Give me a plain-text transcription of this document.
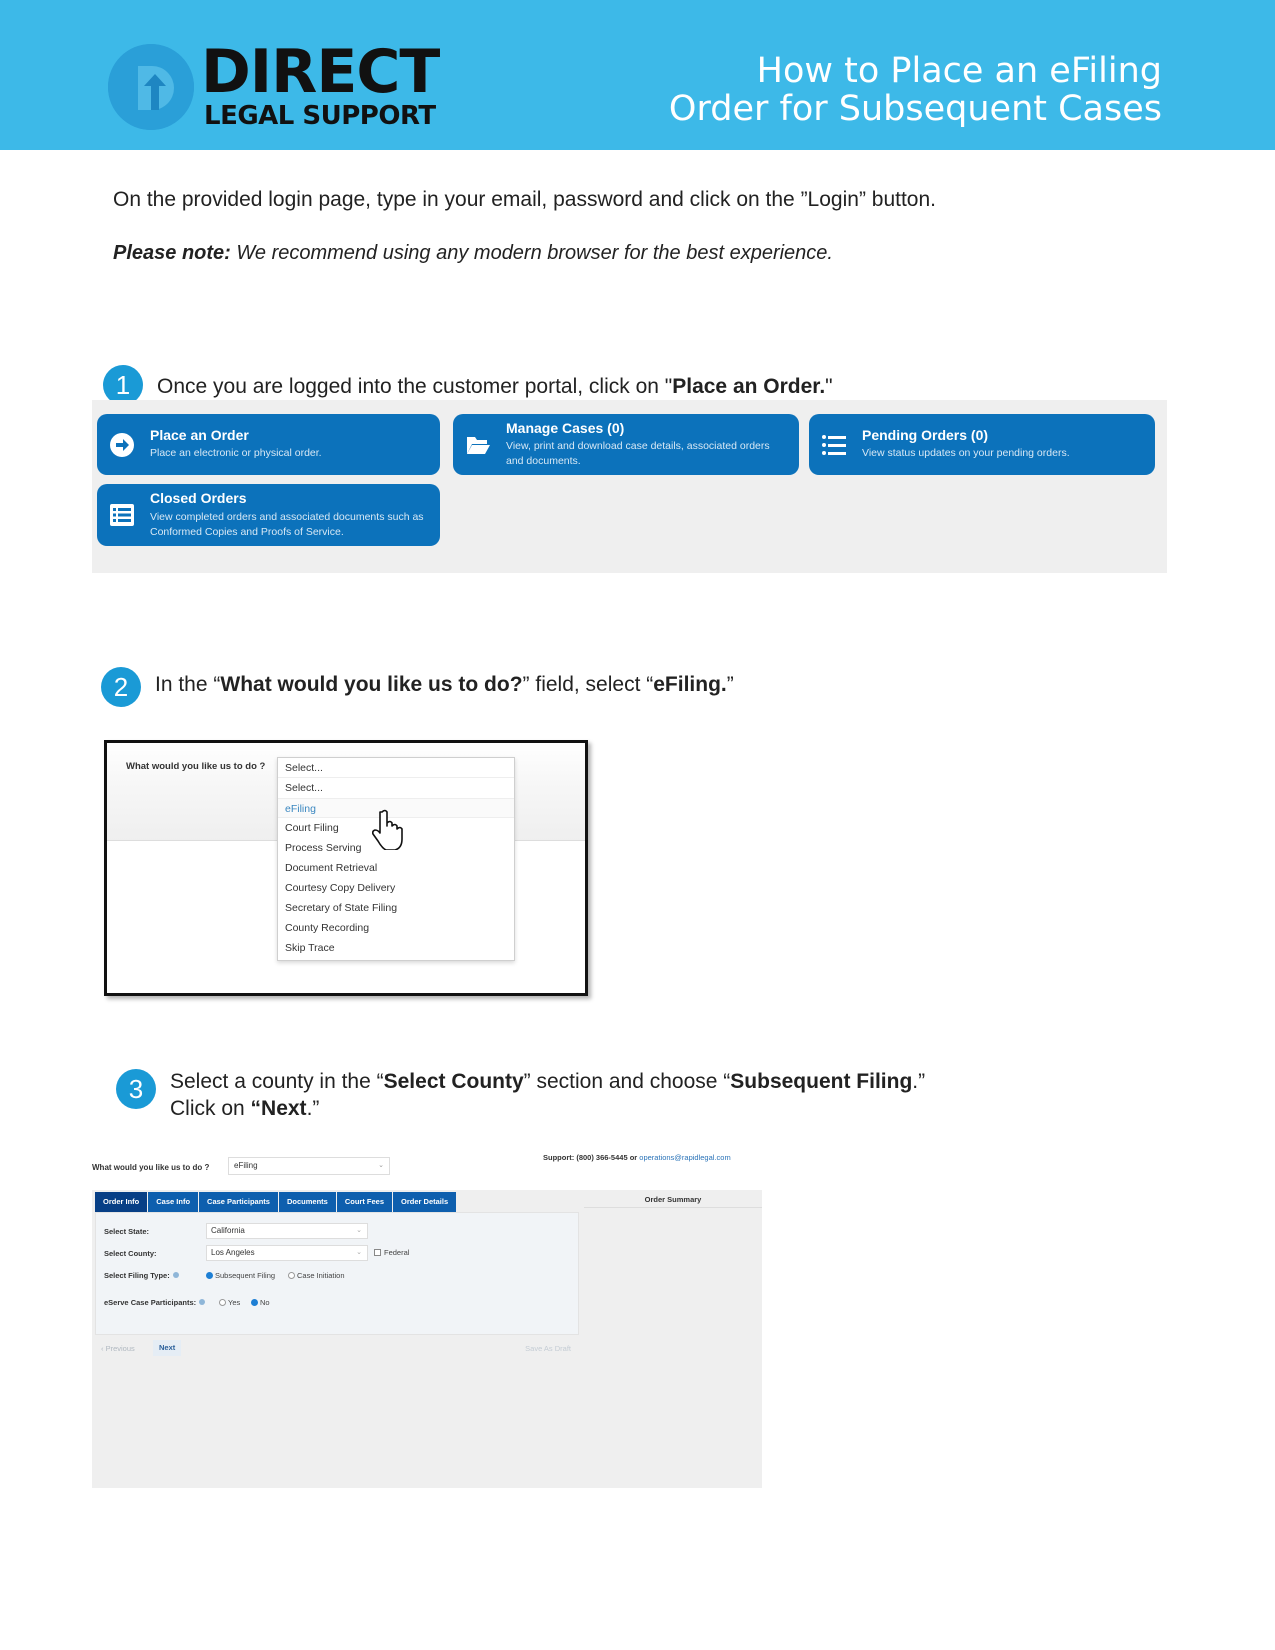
DIRECT
LEGAL SUPPORT
How to Place an eFiling
Order for Subsequent Cases
On the provided login page, type in your email, password and click on the ”Login” button.
Please note: We recommend using any modern browser for the best experience.
1	Once you are logged into the customer portal, click on "Place an Order."
Place an Order
Place an electronic or physical order.
Manage Cases (0)
View, print and download case details, associated orders and documents.
Pending Orders (0)
View status updates on your pending orders.
Closed Orders
View completed orders and associated documents such as Conformed Copies and Proofs of Service.
2	In the “What would you like us to do?” field, select “eFiling.”
What would you like us to do ?	Select...
Select...
eFiling
Court Filing
Process Serving
Document Retrieval
Courtesy Copy Delivery
Secretary of State Filing
County Recording
Skip Trace
3	Select a county in the “Select County” section and choose “Subsequent Filing.”
Click on “Next.”
What would you like us to do ?	eFiling	⌄
Support: (800) 366-5445 or operations@rapidlegal.com
Order Info	Case Info	Case Participants	Documents	Court Fees	Order Details	Order Summary
Select State:	California	⌄
Select County:	Los Angeles	⌄	Federal
Select Filing Type:	Subsequent Filing	Case Initiation
eServe Case Participants:	Yes	No
‹ Previous	Next	Save As Draft
